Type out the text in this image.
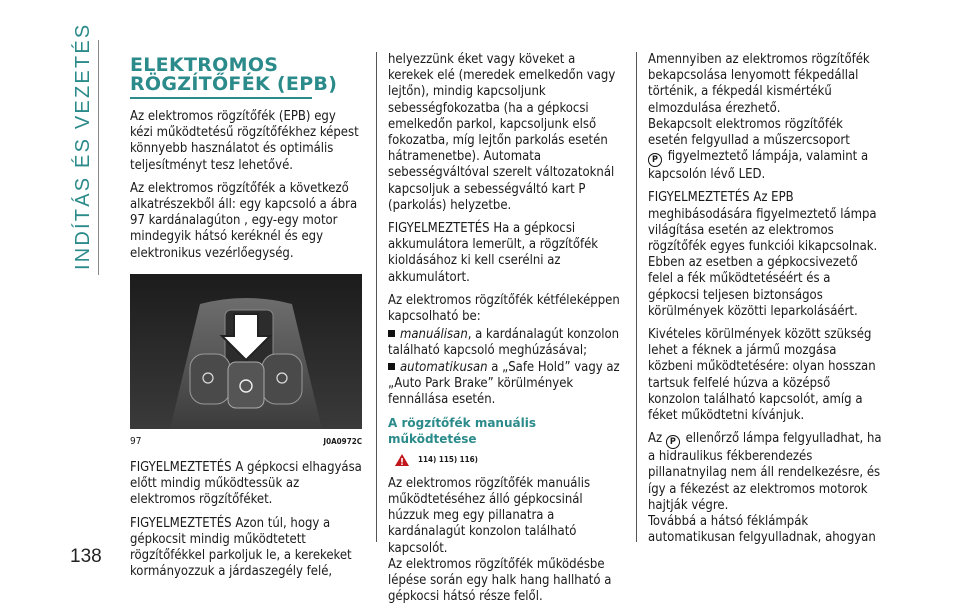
INDÍTÁS ÉS VEZETÉS
138
ELEKTROMOS
RÖGZÍTŐFÉK (EPB)

Az elektromos rögzítőfék (EPB) egy kézi működtetésű rögzítőfékhez képest könnyebb használatot és optimális teljesítményt tesz lehetővé.

Az elektromos rögzítőfék a következő alkatrészekből áll: egy kapcsoló a ábra 97 kardánalagúton , egy-egy motor mindegyik hátsó keréknél és egy elektronikus vezérlőegység.

97	J0A0972C

FIGYELMEZTETÉS A gépkocsi elhagyása előtt mindig működtessük az elektromos rögzítőféket.

FIGYELMEZTETÉS Azon túl, hogy a gépkocsit mindig működtetett rögzítőfékkel parkoljuk le, a kerekeket kormányozzuk a járdaszegély felé,

helyezzünk éket vagy köveket a kerekek elé (meredek emelkedőn vagy lejtőn), mindig kapcsoljunk sebességfokozatba (ha a gépkocsi emelkedőn parkol, kapcsoljunk első fokozatba, míg lejtőn parkolás esetén hátramenetbe). Automata sebességváltóval szerelt változatoknál kapcsoljuk a sebességváltó kart P (parkolás) helyzetbe.

FIGYELMEZTETÉS Ha a gépkocsi akkumulátora lemerült, a rögzítőfék kioldásához ki kell cserélni az akkumulátort.

Az elektromos rögzítőfék kétféleképpen kapcsolható be:

manuálisan, a kardánalagút konzolon található kapcsoló meghúzásával;
automatikusan a „Safe Hold” vagy az „Auto Park Brake” körülmények fennállása esetén.
A rögzítőfék manuális működtetése
114) 115) 116)

Az elektromos rögzítőfék manuális működtetéséhez álló gépkocsinál húzzuk meg egy pillanatra a kardánalagút konzolon található kapcsolót.

Az elektromos rögzítőfék működésbe lépése során egy halk hang hallható a gépkocsi hátsó része felől.

Amennyiben az elektromos rögzítőfék bekapcsolása lenyomott fékpedállal történik, a fékpedál kismértékű elmozdulása érezhető.

Bekapcsolt elektromos rögzítőfék esetén felgyullad a műszercsoport
P figyelmeztető lámpája, valamint a kapcsolón lévő LED.

FIGYELMEZTETÉS Az EPB meghibásodására figyelmeztető lámpa világítása esetén az elektromos rögzítőfék egyes funkciói kikapcsolnak. Ebben az esetben a gépkocsivezető felel a fék működtetéséért és a gépkocsi teljesen biztonságos körülmények közötti leparkolásáért.

Kivételes körülmények között szükség lehet a féknek a jármű mozgása közbeni működtetésére: olyan hosszan tartsuk felfelé húzva a középső konzolon található kapcsolót, amíg a féket működtetni kívánjuk.

Az P ellenőrző lámpa felgyulladhat, ha a hidraulikus fékberendezés pillanatnyilag nem áll rendelkezésre, és így a fékezést az elektromos motorok hajtják végre.

Továbbá a hátsó féklámpák automatikusan felgyulladnak, ahogyan
